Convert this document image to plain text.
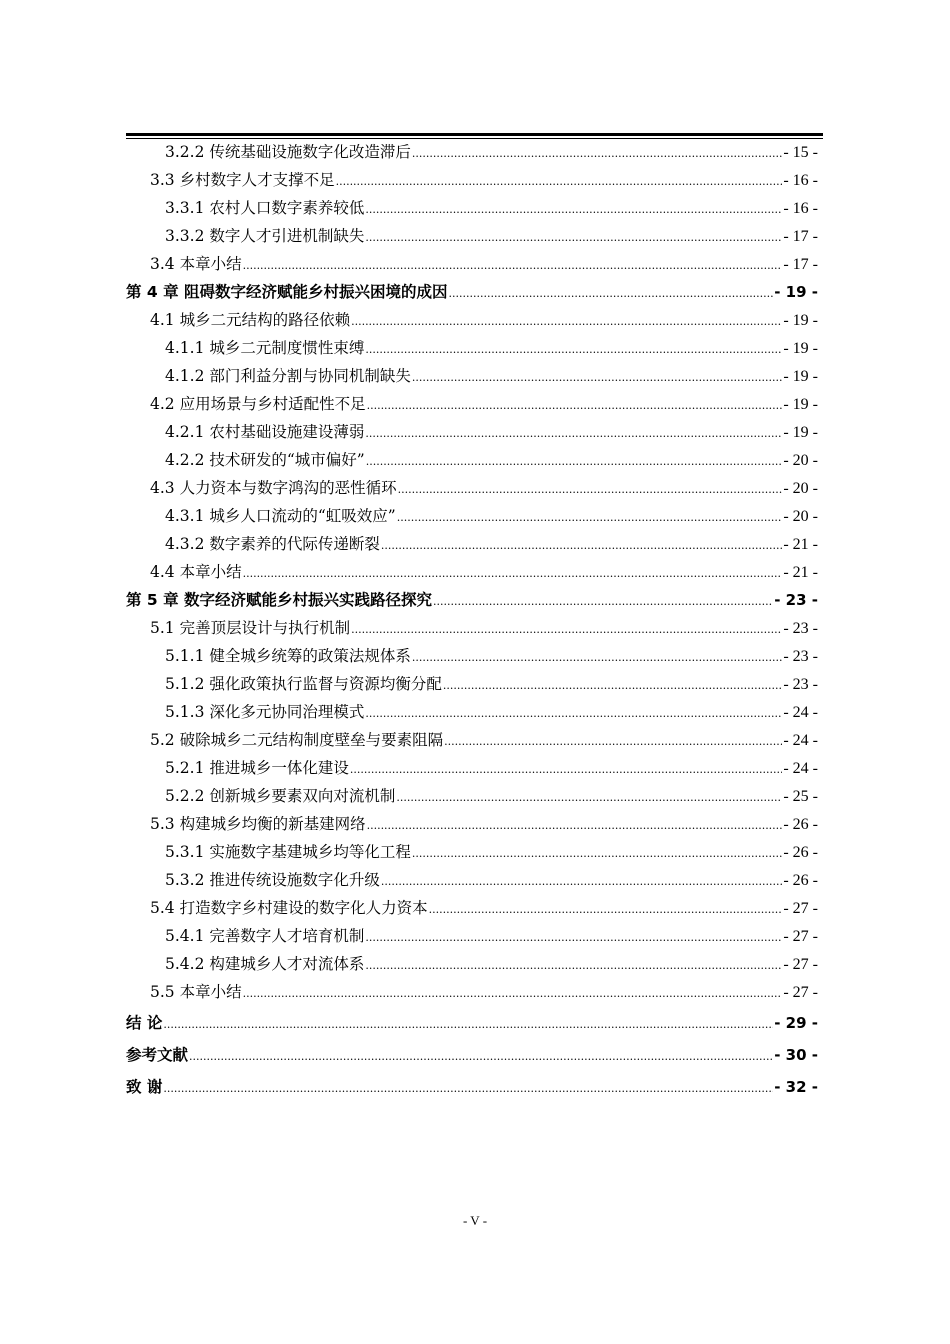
3.2.2 传统基础设施数字化改造滞后 .....	- 15 -
3.3 乡村数字人才支撑不足 .....	- 16 -
3.3.1 农村人口数字素养较低 .....	- 16 -
3.3.2 数字人才引进机制缺失 .....	- 17 -
3.4 本章小结 .....	- 17 -
第 4 章 阻碍数字经济赋能乡村振兴困境的成因 .....	- 19 -
4.1 城乡二元结构的路径依赖 .....	- 19 -
4.1.1 城乡二元制度惯性束缚 .....	- 19 -
4.1.2 部门利益分割与协同机制缺失 .....	- 19 -
4.2 应用场景与乡村适配性不足 .....	- 19 -
4.2.1 农村基础设施建设薄弱 .....	- 19 -
4.2.2 技术研发的“城市偏好” .....	- 20 -
4.3 人力资本与数字鸿沟的恶性循环 .....	- 20 -
4.3.1 城乡人口流动的“虹吸效应” .....	- 20 -
4.3.2 数字素养的代际传递断裂 .....	- 21 -
4.4 本章小结 .....	- 21 -
第 5 章 数字经济赋能乡村振兴实践路径探究 .....	- 23 -
5.1 完善顶层设计与执行机制 .....	- 23 -
5.1.1 健全城乡统筹的政策法规体系 .....	- 23 -
5.1.2 强化政策执行监督与资源均衡分配 .....	- 23 -
5.1.3 深化多元协同治理模式 .....	- 24 -
5.2 破除城乡二元结构制度壁垒与要素阻隔 .....	- 24 -
5.2.1 推进城乡一体化建设 .....	- 24 -
5.2.2 创新城乡要素双向对流机制 .....	- 25 -
5.3 构建城乡均衡的新基建网络 .....	- 26 -
5.3.1 实施数字基建城乡均等化工程 .....	- 26 -
5.3.2 推进传统设施数字化升级 .....	- 26 -
5.4 打造数字乡村建设的数字化人力资本 .....	- 27 -
5.4.1 完善数字人才培育机制 .....	- 27 -
5.4.2 构建城乡人才对流体系 .....	- 27 -
5.5 本章小结 .....	- 27 -
结 论 .....	- 29 -
参考文献 .....	- 30 -
致 谢 .....	- 32 -
- V -
